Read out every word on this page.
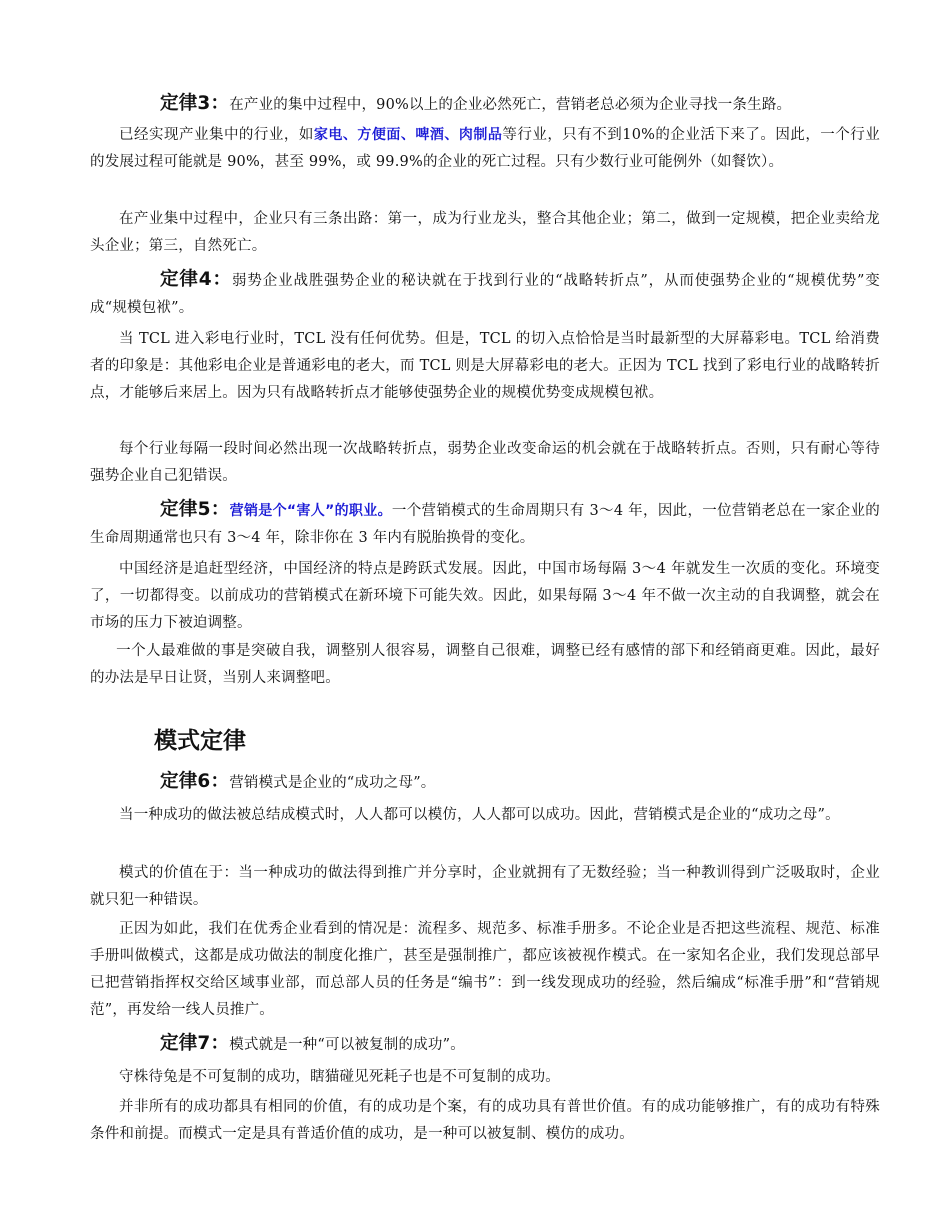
定律3：在产业的集中过程中，90%以上的企业必然死亡，营销老总必须为企业寻找一条生路。

已经实现产业集中的行业，如家电、方便面、啤酒、肉制品等行业，只有不到10%的企业活下来了。因此，一个行业的发展过程可能就是 90%，甚至 99%，或 99.9%的企业的死亡过程。只有少数行业可能例外（如餐饮）。

在产业集中过程中，企业只有三条出路：第一，成为行业龙头，整合其他企业；第二，做到一定规模，把企业卖给龙头企业；第三，自然死亡。

定律4：弱势企业战胜强势企业的秘诀就在于找到行业的“战略转折点”，从而使强势企业的“规模优势”变成“规模包袱”。

当 TCL 进入彩电行业时，TCL 没有任何优势。但是，TCL 的切入点恰恰是当时最新型的大屏幕彩电。TCL 给消费者的印象是：其他彩电企业是普通彩电的老大，而 TCL 则是大屏幕彩电的老大。正因为 TCL 找到了彩电行业的战略转折点，才能够后来居上。因为只有战略转折点才能够使强势企业的规模优势变成规模包袱。

每个行业每隔一段时间必然出现一次战略转折点，弱势企业改变命运的机会就在于战略转折点。否则，只有耐心等待强势企业自己犯错误。

定律5：营销是个“害人”的职业。一个营销模式的生命周期只有 3～4 年，因此，一位营销老总在一家企业的生命周期通常也只有 3～4 年，除非你在 3 年内有脱胎换骨的变化。

中国经济是追赶型经济，中国经济的特点是跨跃式发展。因此，中国市场每隔 3～4 年就发生一次质的变化。环境变了，一切都得变。以前成功的营销模式在新环境下可能失效。因此，如果每隔 3～4 年不做一次主动的自我调整，就会在市场的压力下被迫调整。

一个人最难做的事是突破自我，调整别人很容易，调整自己很难，调整已经有感情的部下和经销商更难。因此，最好的办法是早日让贤，当别人来调整吧。

模式定律

定律6：营销模式是企业的“成功之母”。

当一种成功的做法被总结成模式时，人人都可以模仿，人人都可以成功。因此，营销模式是企业的“成功之母”。

模式的价值在于：当一种成功的做法得到推广并分享时，企业就拥有了无数经验；当一种教训得到广泛吸取时，企业就只犯一种错误。

正因为如此，我们在优秀企业看到的情况是：流程多、规范多、标准手册多。不论企业是否把这些流程、规范、标准手册叫做模式，这都是成功做法的制度化推广，甚至是强制推广，都应该被视作模式。在一家知名企业，我们发现总部早已把营销指挥权交给区域事业部，而总部人员的任务是“编书”：到一线发现成功的经验，然后编成“标准手册”和“营销规范”，再发给一线人员推广。

定律7：模式就是一种“可以被复制的成功”。

守株待兔是不可复制的成功，瞎猫碰见死耗子也是不可复制的成功。

并非所有的成功都具有相同的价值，有的成功是个案，有的成功具有普世价值。有的成功能够推广，有的成功有特殊条件和前提。而模式一定是具有普适价值的成功，是一种可以被复制、模仿的成功。
